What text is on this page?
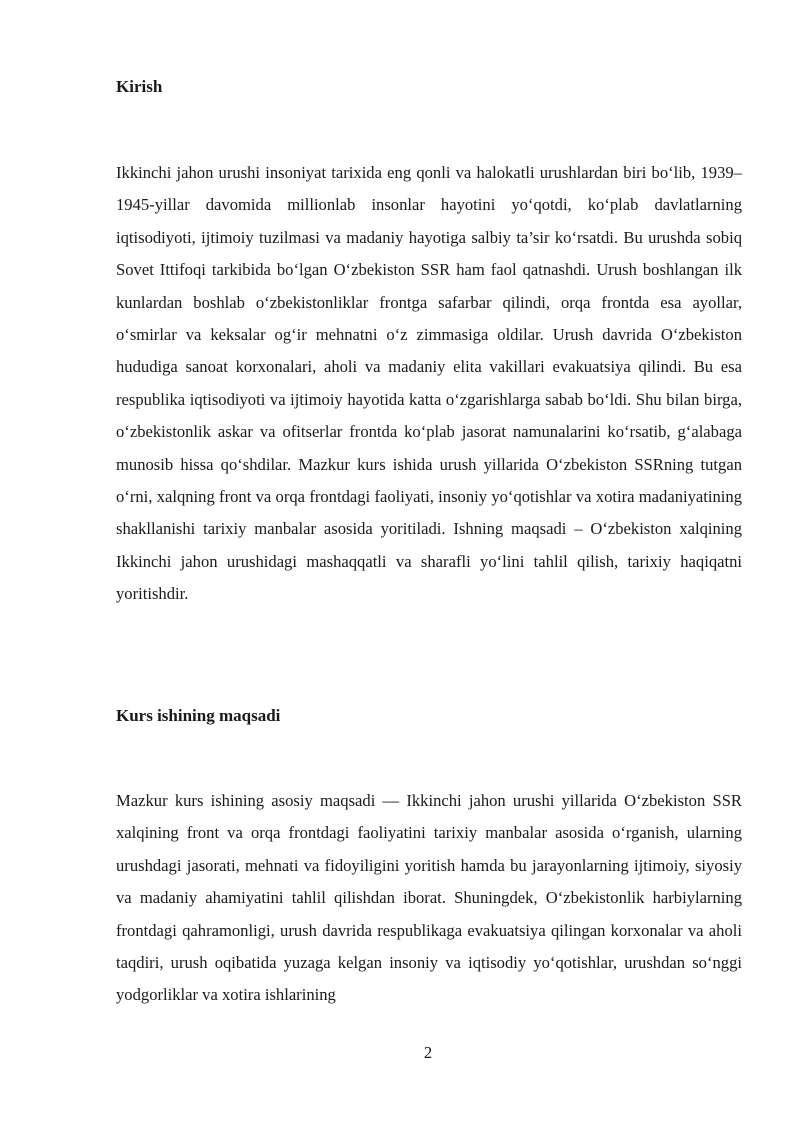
Kirish

Ikkinchi jahon urushi insoniyat tarixida eng qonli va halokatli urushlardan biri bo‘lib, 1939–1945-yillar davomida millionlab insonlar hayotini yo‘qotdi, ko‘plab davlatlarning iqtisodiyoti, ijtimoiy tuzilmasi va madaniy hayotiga salbiy ta’sir ko‘rsatdi. Bu urushda sobiq Sovet Ittifoqi tarkibida bo‘lgan O‘zbekiston SSR ham faol qatnashdi. Urush boshlangan ilk kunlardan boshlab o‘zbekistonliklar frontga safarbar qilindi, orqa frontda esa ayollar, o‘smirlar va keksalar og‘ir mehnatni o‘z zimmasiga oldilar. Urush davrida O‘zbekiston hududiga sanoat korxonalari, aholi va madaniy elita vakillari evakuatsiya qilindi. Bu esa respublika iqtisodiyoti va ijtimoiy hayotida katta o‘zgarishlarga sabab bo‘ldi. Shu bilan birga, o‘zbekistonlik askar va ofitserlar frontda ko‘plab jasorat namunalarini ko‘rsatib, g‘alabaga munosib hissa qo‘shdilar. Mazkur kurs ishida urush yillarida O‘zbekiston SSRning tutgan o‘rni, xalqning front va orqa frontdagi faoliyati, insoniy yo‘qotishlar va xotira madaniyatining shakllanishi tarixiy manbalar asosida yoritiladi. Ishning maqsadi – O‘zbekiston xalqining Ikkinchi jahon urushidagi mashaqqatli va sharafli yo‘lini tahlil qilish, tarixiy haqiqatni yoritishdir.

Kurs ishining maqsadi

Mazkur kurs ishining asosiy maqsadi — Ikkinchi jahon urushi yillarida O‘zbekiston SSR xalqining front va orqa frontdagi faoliyatini tarixiy manbalar asosida o‘rganish, ularning urushdagi jasorati, mehnati va fidoyiligini yoritish hamda bu jarayonlarning ijtimoiy, siyosiy va madaniy ahamiyatini tahlil qilishdan iborat. Shuningdek, O‘zbekistonlik harbiylarning frontdagi qahramonligi, urush davrida respublikaga evakuatsiya qilingan korxonalar va aholi taqdiri, urush oqibatida yuzaga kelgan insoniy va iqtisodiy yo‘qotishlar, urushdan so‘nggi yodgorliklar va xotira ishlarining

2
